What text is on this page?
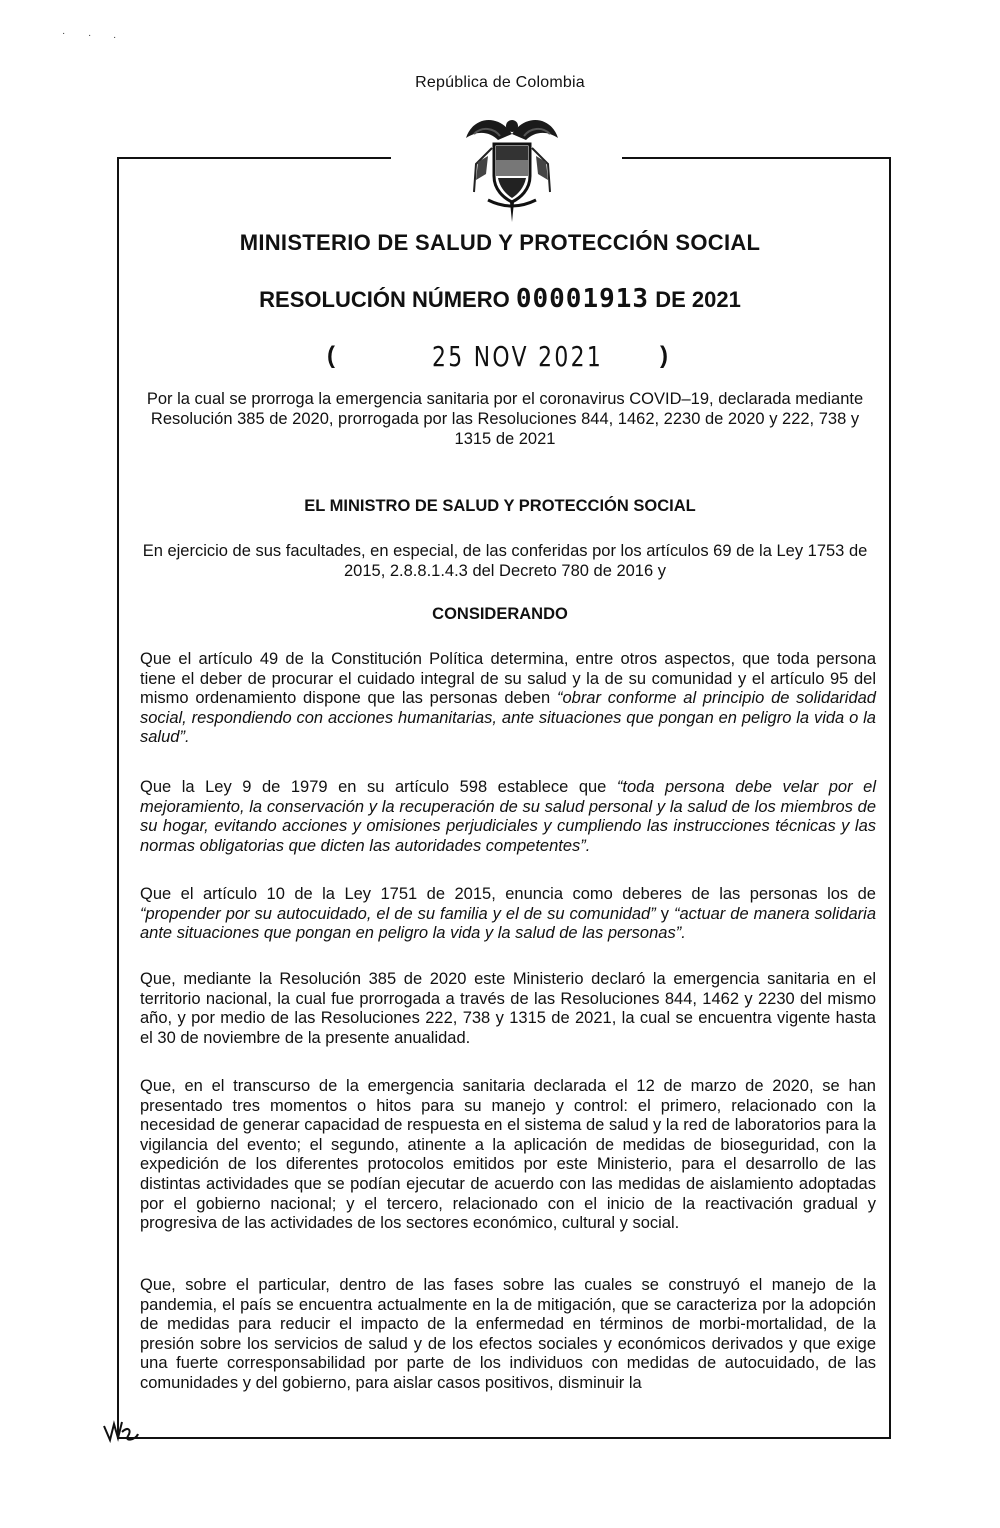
República de Colombia
MINISTERIO DE SALUD Y PROTECCIÓN SOCIAL
RESOLUCIÓN NÚMERO 00001913 DE 2021
(	25 NOV 2021 )
Por la cual se prorroga la emergencia sanitaria por el coronavirus COVID–19, declarada mediante Resolución 385 de 2020, prorrogada por las Resoluciones 844, 1462, 2230 de 2020 y 222, 738 y 1315 de 2021
EL MINISTRO DE SALUD Y PROTECCIÓN SOCIAL
En ejercicio de sus facultades, en especial, de las conferidas por los artículos 69 de la Ley 1753 de 2015, 2.8.8.1.4.3 del Decreto 780 de 2016 y
CONSIDERANDO
Que el artículo 49 de la Constitución Política determina, entre otros aspectos, que toda persona tiene el deber de procurar el cuidado integral de su salud y la de su comunidad y el artículo 95 del mismo ordenamiento dispone que las personas deben “obrar conforme al principio de solidaridad social, respondiendo con acciones humanitarias, ante situaciones que pongan en peligro la vida o la salud”.
Que la Ley 9 de 1979 en su artículo 598 establece que “toda persona debe velar por el mejoramiento, la conservación y la recuperación de su salud personal y la salud de los miembros de su hogar, evitando acciones y omisiones perjudiciales y cumpliendo las instrucciones técnicas y las normas obligatorias que dicten las autoridades competentes”.
Que el artículo 10 de la Ley 1751 de 2015, enuncia como deberes de las personas los de “propender por su autocuidado, el de su familia y el de su comunidad” y “actuar de manera solidaria ante situaciones que pongan en peligro la vida y la salud de las personas”.
Que, mediante la Resolución 385 de 2020 este Ministerio declaró la emergencia sanitaria en el territorio nacional, la cual fue prorrogada a través de las Resoluciones 844, 1462 y 2230 del mismo año, y por medio de las Resoluciones 222, 738 y 1315 de 2021, la cual se encuentra vigente hasta el 30 de noviembre de la presente anualidad.
Que, en el transcurso de la emergencia sanitaria declarada el 12 de marzo de 2020, se han presentado tres momentos o hitos para su manejo y control: el primero, relacionado con la necesidad de generar capacidad de respuesta en el sistema de salud y la red de laboratorios para la vigilancia del evento; el segundo, atinente a la aplicación de medidas de bioseguridad, con la expedición de los diferentes protocolos emitidos por este Ministerio, para el desarrollo de las distintas actividades que se podían ejecutar de acuerdo con las medidas de aislamiento adoptadas por el gobierno nacional; y el tercero, relacionado con el inicio de la reactivación gradual y progresiva de las actividades de los sectores económico, cultural y social.
Que, sobre el particular, dentro de las fases sobre las cuales se construyó el manejo de la pandemia, el país se encuentra actualmente en la de mitigación, que se caracteriza por la adopción de medidas para reducir el impacto de la enfermedad en términos de morbi-mortalidad, de la presión sobre los servicios de salud y de los efectos sociales y económicos derivados y que exige una fuerte corresponsabilidad por parte de los individuos con medidas de autocuidado, de las comunidades y del gobierno, para aislar casos positivos, disminuir la
· · ·
